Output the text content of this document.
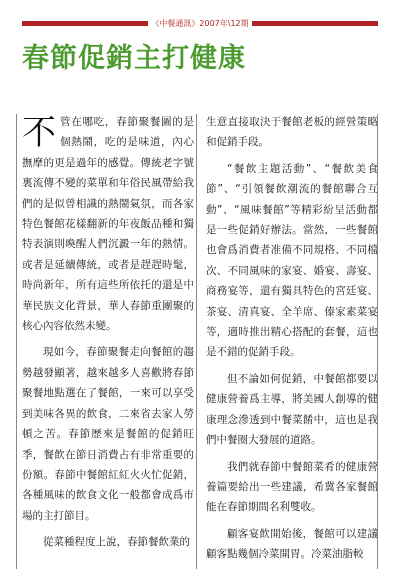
《中餐通訊》2007年\12期
春節促銷主打健康

不管在哪吃，春節聚餐圖的是個熱鬧，吃的是味道，內心撫摩的更是過年的感覺。傳統老字號裏流傳不變的菜單和年俗民風帶給我們的是似曾相識的熱鬧氣氛，而各家特色餐館花樣翻新的年夜飯品種和獨特表演則喚醒人們沉澱一年的熱情。或者是延續傳統，或者是趕趕時髦，時尚新年，所有這些所依托的還是中華民族文化背景，華人春節重團聚的核心內容依然未變。

現如今，春節聚餐走向餐館的趨勢越發顯著，越來越多人喜歡將春節聚餐地點選在了餐館，一來可以享受到美味各異的飲食，二來省去家人勞頓之苦。春節歷來是餐館的促銷旺季，餐飲在節日消費占有非常重要的份額。春節中餐館紅紅火火忙促銷，各種風味的飲食文化一般都會成爲市場的主打節目。

從菜種程度上說，春節餐飲業的

生意直接取決于餐館老板的經營策略和促銷手段。

“餐飲主題活動”、“餐飲美食節”、“引領餐飲潮流的餐館聯合互動”、“風味餐館”等精彩紛呈活動都是一些促銷好辦法。當然，一些餐館也會爲消費者准備不同規格、不同檔次、不同風味的家宴、婚宴、壽宴、商務宴等，還有獨具特色的宮廷宴、茶宴、清真宴、全羊席、傣家素菜宴等，適時推出精心搭配的套餐，這也是不錯的促銷手段。

但不論如何促銷，中餐館都要以健康營養爲主導，將美國人創導的健康理念滲透到中餐菜餚中，這也是我們中餐圈大發展的道路。

我們就春節中餐館菜肴的健康營養篇要給出一些建議，希冀各家餐館能在春節期間名利雙收。

顧客宴飲開始後，餐館可以建議顧客點幾個冷菜開胃。冷菜油脂較
